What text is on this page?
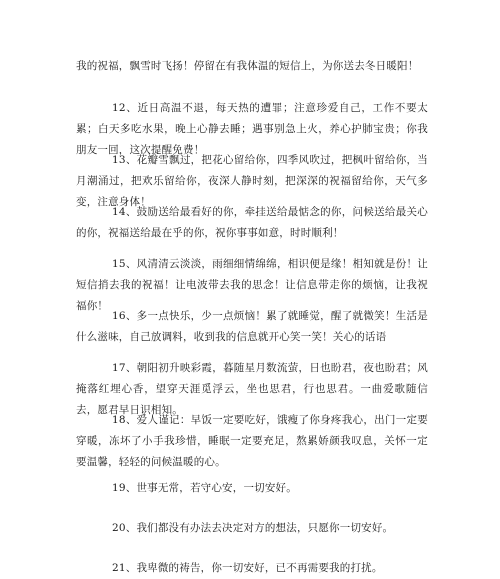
我的祝福，飘雪时飞扬！停留在有我体温的短信上，为你送去冬日暖阳！

12、近日高温不退，每天热的遭罪；注意珍爱自己，工作不要太累；白天多吃水果，晚上心静去睡；遇事别急上火，养心护肺宝贵；你我朋友一回，这次提醒免费！

13、花瓣雪飘过，把花心留给你，四季风吹过，把枫叶留给你，当月潮涌过，把欢乐留给你，夜深人静时刻，把深深的祝福留给你，天气多变，注意身体！

14、鼓励送给最看好的你，牵挂送给最惦念的你，问候送给最关心的你，祝福送给最在乎的你，祝你事事如意，时时顺利！

15、风清清云淡淡，雨细细情绵绵，相识便是缘！相知就是份！让短信捎去我的祝福！让电波带去我的思念！让信息带走你的烦恼，让我祝福你！

16、多一点快乐，少一点烦恼！累了就睡觉，醒了就微笑！生活是什么滋味，自己放调料，收到我的信息就开心笑一笑！关心的话语

17、朝阳初升映彩霞，暮随星月数流萤，日也盼君，夜也盼君；风掩落红埋心香，望穿天涯觅浮云，坐也思君，行也思君。一曲爱歌随信去，愿君早日识相知。

18、爱人谨记：早饭一定要吃好，饿瘦了你身疼我心，出门一定要穿暖，冻坏了小手我珍惜，睡眠一定要充足，熬累娇颜我叹息，关怀一定要温馨，轻轻的问候温暖的心。

19、世事无常，若守心安，一切安好。

20、我们都没有办法去决定对方的想法，只愿你一切安好。

21、我卑微的祷告，你一切安好，已不再需要我的打扰。
